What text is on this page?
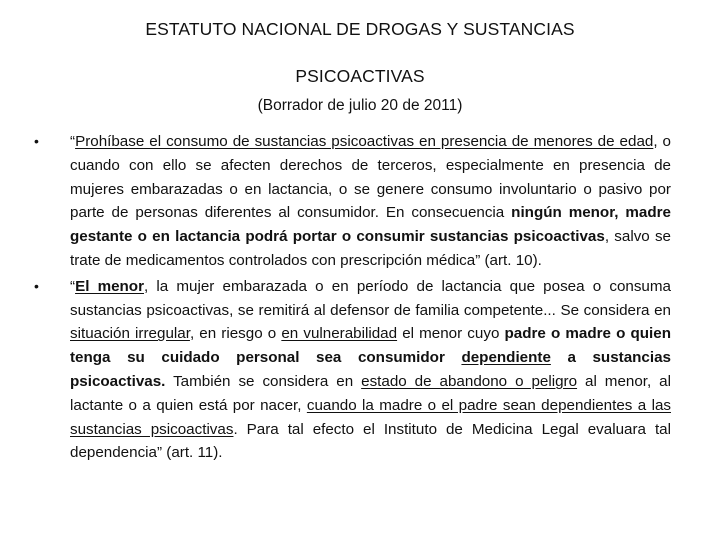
ESTATUTO NACIONAL DE DROGAS Y SUSTANCIAS
PSICOACTIVAS

(Borrador de julio 20 de 2011)

• “Prohíbase el consumo de sustancias psicoactivas en presencia de menores de edad, o cuando con ello se afecten derechos de terceros, especialmente en presencia de mujeres embarazadas o en lactancia, o se genere consumo involuntario o pasivo por parte de personas diferentes al consumidor. En consecuencia ningún menor, madre gestante o en lactancia podrá portar o consumir sustancias psicoactivas, salvo se trate de medicamentos controlados con prescripción médica” (art. 10).
• “El menor, la mujer embarazada o en período de lactancia que posea o consuma sustancias psicoactivas, se remitirá al defensor de familia competente... Se considera en situación irregular, en riesgo o en vulnerabilidad el menor cuyo padre o madre o quien tenga su cuidado personal sea consumidor dependiente a sustancias psicoactivas. También se considera en estado de abandono o peligro al menor, al lactante o a quien está por nacer, cuando la madre o el padre sean dependientes a las sustancias psicoactivas. Para tal efecto el Instituto de Medicina Legal evaluara tal dependencia” (art. 11).
